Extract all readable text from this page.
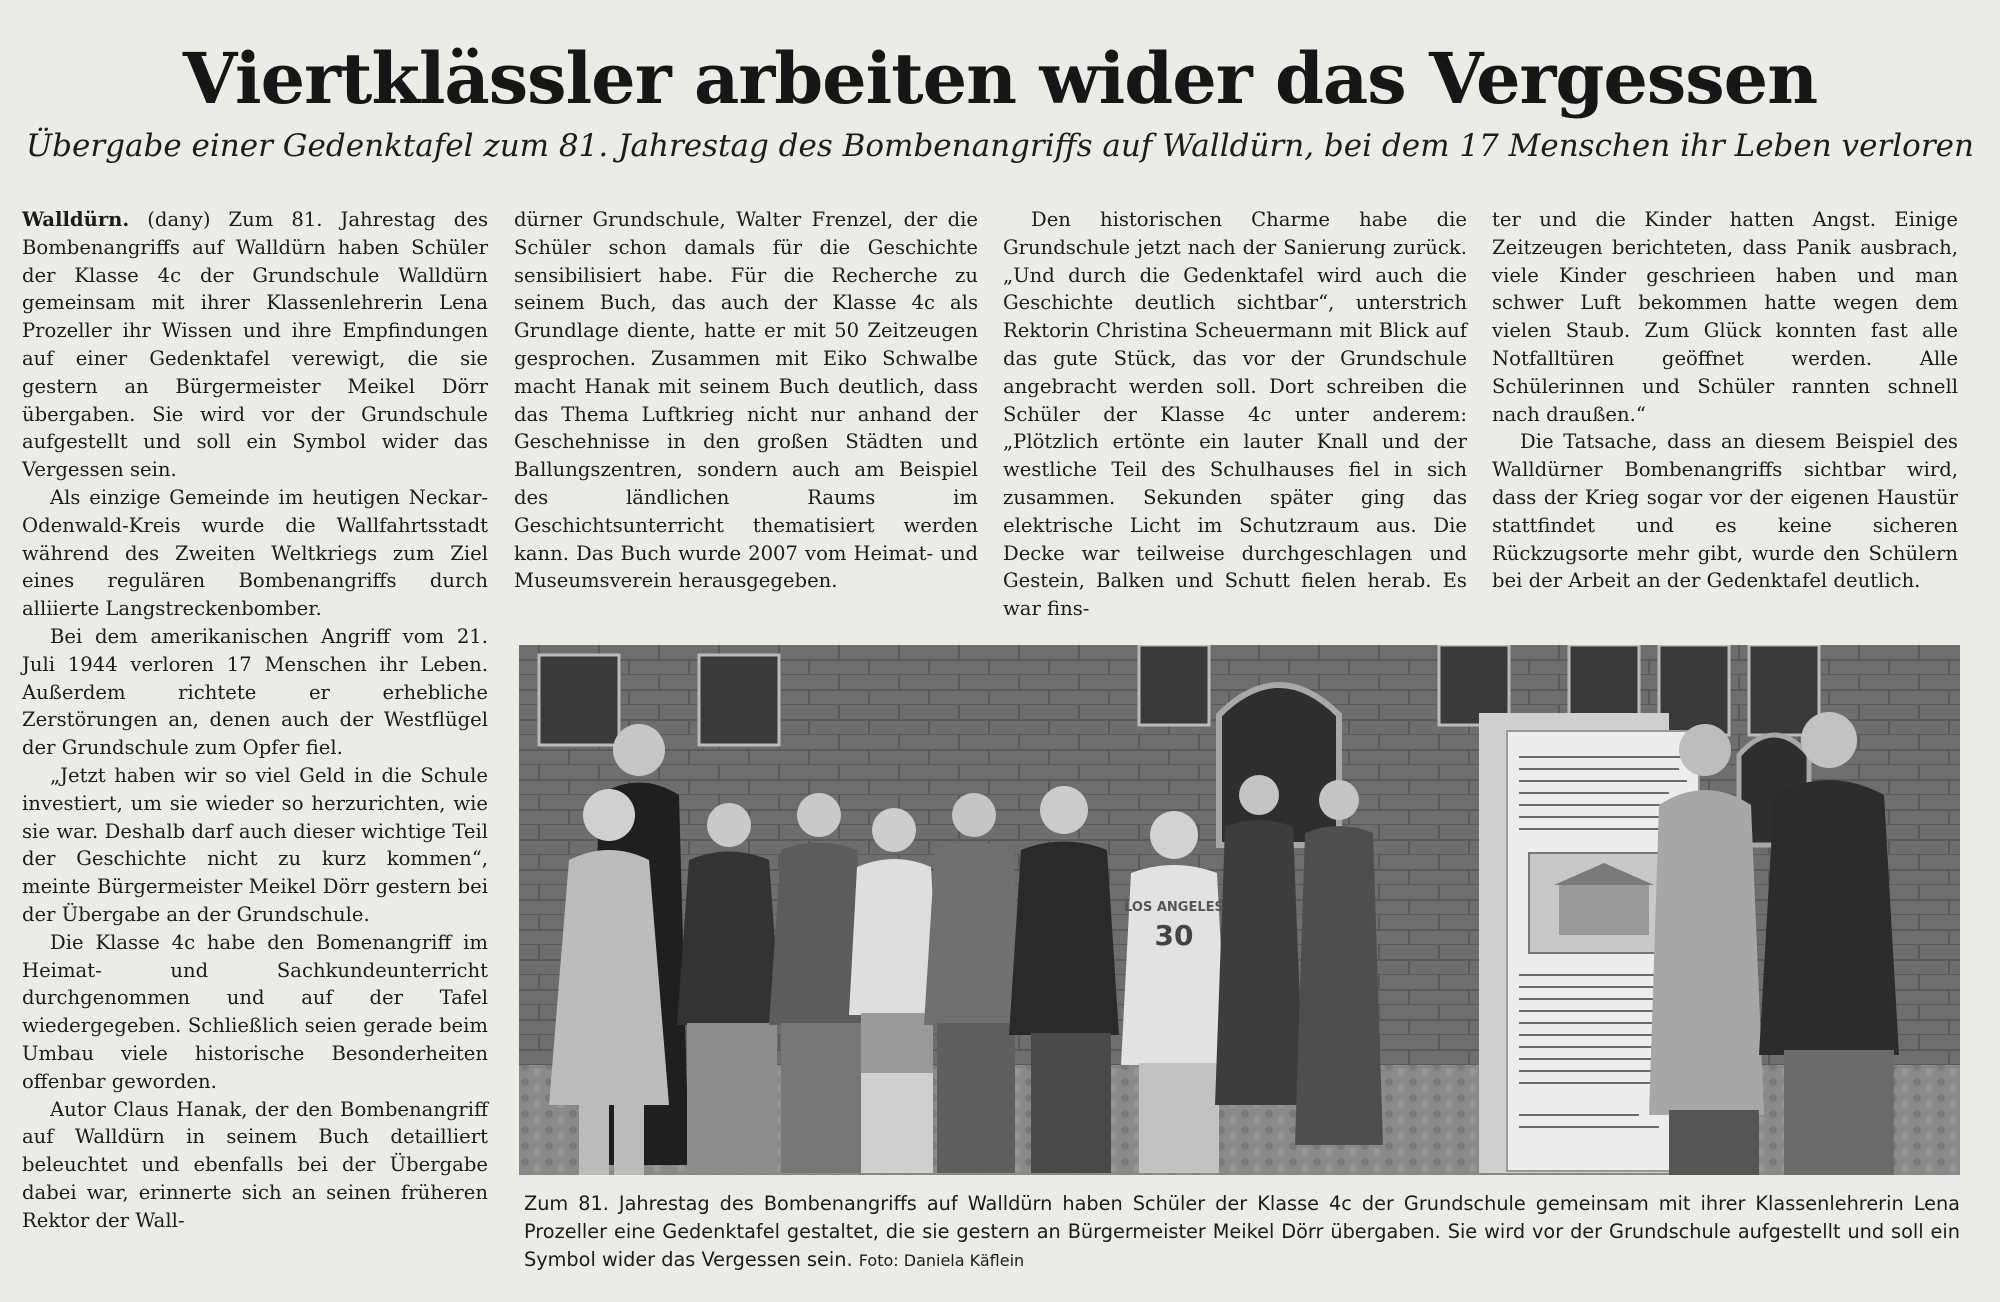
Viertklässler arbeiten wider das Vergessen
Übergabe einer Gedenktafel zum 81. Jahrestag des Bombenangriffs auf Walldürn, bei dem 17 Menschen ihr Leben verloren

Walldürn. (dany) Zum 81. Jahrestag des Bombenangriffs auf Walldürn haben Schüler der Klasse 4c der Grundschule Walldürn gemeinsam mit ihrer Klassenlehrerin Lena Prozeller ihr Wissen und ihre Empfindungen auf einer Gedenktafel verewigt, die sie gestern an Bürgermeister Meikel Dörr übergaben. Sie wird vor der Grundschule aufgestellt und soll ein Symbol wider das Vergessen sein.

Als einzige Gemeinde im heutigen Neckar-Odenwald-Kreis wurde die Wallfahrtsstadt während des Zweiten Weltkriegs zum Ziel eines regulären Bombenangriffs durch alliierte Langstreckenbomber.

Bei dem amerikanischen Angriff vom 21. Juli 1944 verloren 17 Menschen ihr Leben. Außerdem richtete er erhebliche Zerstörungen an, denen auch der Westflügel der Grundschule zum Opfer fiel.

„Jetzt haben wir so viel Geld in die Schule investiert, um sie wieder so herzurichten, wie sie war. Deshalb darf auch dieser wichtige Teil der Geschichte nicht zu kurz kommen“, meinte Bürgermeister Meikel Dörr gestern bei der Übergabe an der Grundschule.

Die Klasse 4c habe den Bomenangriff im Heimat- und Sachkundeunterricht durchgenommen und auf der Tafel wiedergegeben. Schließlich seien gerade beim Umbau viele historische Besonderheiten offenbar geworden.

Autor Claus Hanak, der den Bombenangriff auf Walldürn in seinem Buch detailliert beleuchtet und ebenfalls bei der Übergabe dabei war, erinnerte sich an seinen früheren Rektor der Wall-

dürner Grundschule, Walter Frenzel, der die Schüler schon damals für die Geschichte sensibilisiert habe. Für die Recherche zu seinem Buch, das auch der Klasse 4c als Grundlage diente, hatte er mit 50 Zeitzeugen gesprochen. Zusammen mit Eiko Schwalbe macht Hanak mit seinem Buch deutlich, dass das Thema Luftkrieg nicht nur anhand der Geschehnisse in den großen Städten und Ballungszentren, sondern auch am Beispiel des ländlichen Raums im Geschichtsunterricht thematisiert werden kann. Das Buch wurde 2007 vom Heimat- und Museumsverein herausgegeben.

Den historischen Charme habe die Grundschule jetzt nach der Sanierung zurück. „Und durch die Gedenktafel wird auch die Geschichte deutlich sichtbar“, unterstrich Rektorin Christina Scheuermann mit Blick auf das gute Stück, das vor der Grundschule angebracht werden soll. Dort schreiben die Schüler der Klasse 4c unter anderem: „Plötzlich ertönte ein lauter Knall und der westliche Teil des Schulhauses fiel in sich zusammen. Sekunden später ging das elektrische Licht im Schutzraum aus. Die Decke war teilweise durchgeschlagen und Gestein, Balken und Schutt fielen herab. Es war fins-

ter und die Kinder hatten Angst. Einige Zeitzeugen berichteten, dass Panik ausbrach, viele Kinder geschrieen haben und man schwer Luft bekommen hatte wegen dem vielen Staub. Zum Glück konnten fast alle Notfalltüren geöffnet werden. Alle Schülerinnen und Schüler rannten schnell nach draußen.“

Die Tatsache, dass an diesem Beispiel des Walldürner Bombenangriffs sichtbar wird, dass der Krieg sogar vor der eigenen Haustür stattfindet und es keine sicheren Rückzugsorte mehr gibt, wurde den Schülern bei der Arbeit an der Gedenktafel deutlich.

LOS ANGELES
30
Zum 81. Jahrestag des Bombenangriffs auf Walldürn haben Schüler der Klasse 4c der Grundschule gemeinsam mit ihrer Klassenlehrerin Lena Prozeller eine Gedenktafel gestaltet, die sie gestern an Bürgermeister Meikel Dörr übergaben. Sie wird vor der Grundschule aufgestellt und soll ein Symbol wider das Vergessen sein. Foto: Daniela Käflein
